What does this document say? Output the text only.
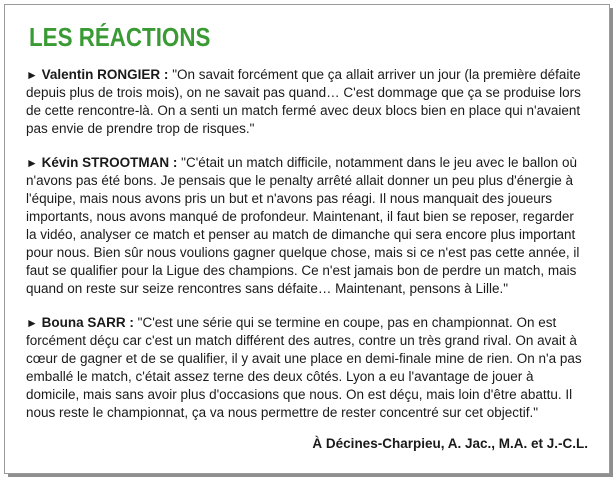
LES RÉACTIONS

► Valentin RONGIER : "On savait forcément que ça allait arriver un jour (la première défaite depuis plus de trois mois), on ne savait pas quand… C'est dommage que ça se produise lors de cette rencontre-là. On a senti un match fermé avec deux blocs bien en place qui n'avaient pas envie de prendre trop de risques."

► Kévin STROOTMAN : "C'était un match difficile, notamment dans le jeu avec le ballon où n'avons pas été bons. Je pensais que le penalty arrêté allait donner un peu plus d'énergie à l'équipe, mais nous avons pris un but et n'avons pas réagi. Il nous manquait des joueurs importants, nous avons manqué de profondeur. Maintenant, il faut bien se reposer, regarder la vidéo, analyser ce match et penser au match de dimanche qui sera encore plus important pour nous. Bien sûr nous voulions gagner quelque chose, mais si ce n'est pas cette année, il faut se qualifier pour la Ligue des champions. Ce n'est jamais bon de perdre un match, mais quand on reste sur seize rencontres sans défaite… Maintenant, pensons à Lille."

► Bouna SARR : "C'est une série qui se termine en coupe, pas en championnat. On est forcément déçu car c'est un match différent des autres, contre un très grand rival. On avait à cœur de gagner et de se qualifier, il y avait une place en demi-finale mine de rien. On n'a pas emballé le match, c'était assez terne des deux côtés. Lyon a eu l'avantage de jouer à domicile, mais sans avoir plus d'occasions que nous. On est déçu, mais loin d'être abattu. Il nous reste le championnat, ça va nous permettre de rester concentré sur cet objectif."

À Décines-Charpieu, A. Jac., M.A. et J.-C.L.
